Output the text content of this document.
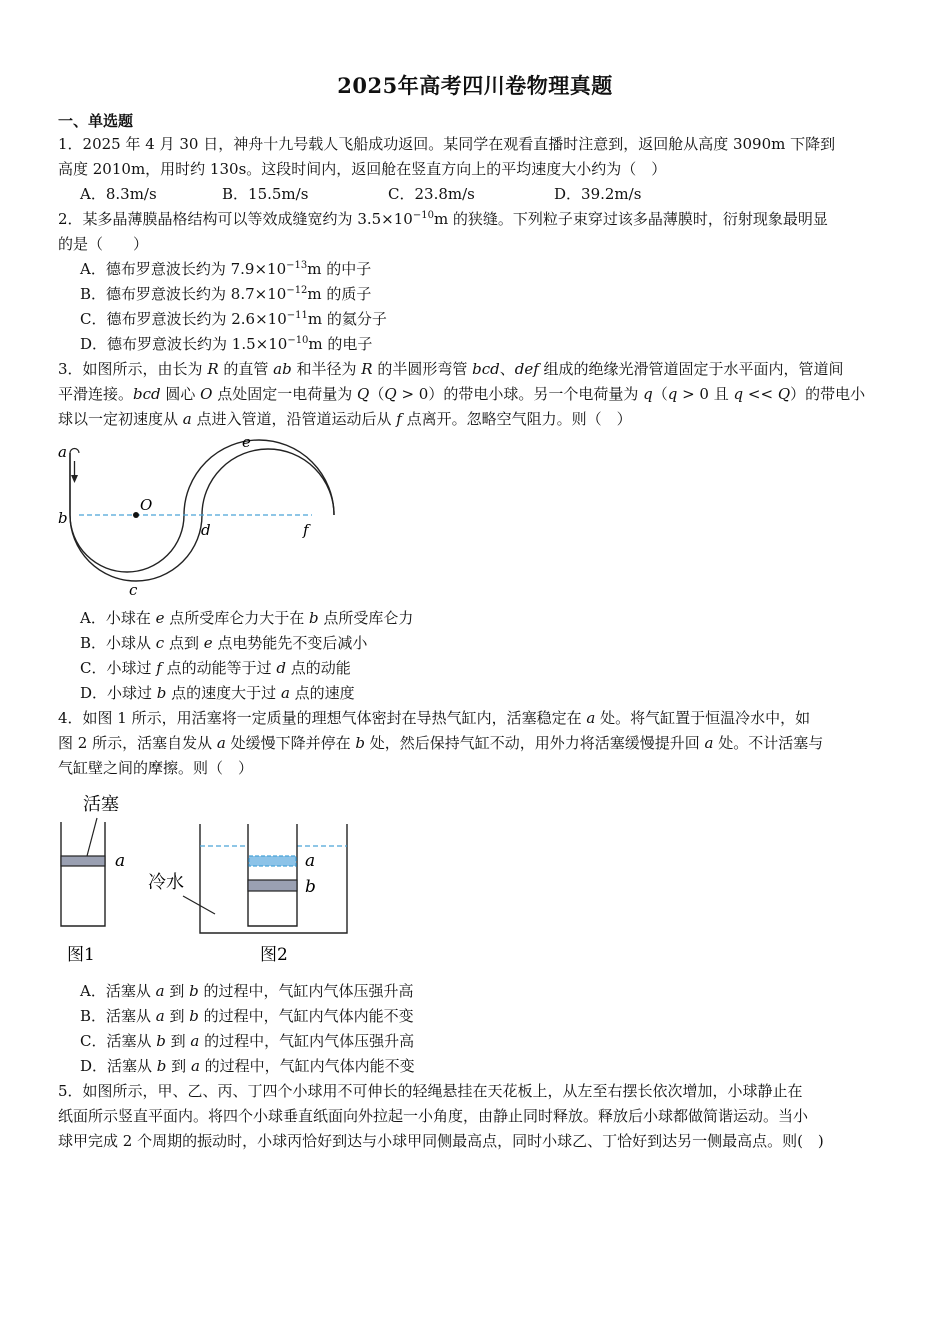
2025年高考四川卷物理真题
一、单选题
1．2025 年 4 月 30 日，神舟十九号载人飞船成功返回。某同学在观看直播时注意到，返回舱从高度 3090m 下降到
高度 2010m，用时约 130s。这段时间内，返回舱在竖直方向上的平均速度大小约为（　）
A．8.3m/s	B．15.5m/s	C．23.8m/s	D．39.2m/s
2．某多晶薄膜晶格结构可以等效成缝宽约为 $3.5\times 10^{-10}m$ 的狭缝。下列粒子束穿过该多晶薄膜时，衍射现象最明显
的是（　　）
A．德布罗意波长约为 $7.9\times 10^{-13}m$ 的中子
B．德布罗意波长约为 $8.7\times 10^{-12}m$ 的质子
C．德布罗意波长约为 $2.6\times 10^{-11}m$ 的氦分子
D．德布罗意波长约为 $1.5\times 10^{-10}m$ 的电子
3．如图所示，由长为 R 的直管 ab 和半径为 R 的半圆形弯管 bcd、def 组成的绝缘光滑管道固定于水平面内，管道间
平滑连接。bcd 圆心 O 点处固定一电荷量为 Q（Q > 0）的带电小球。另一个电荷量为 q（q > 0 且 q << Q）的带电小
球以一定初速度从 a 点进入管道，沿管道运动后从 f 点离开。忽略空气阻力。则（　）
a
b
O
c
d
e
f
A．小球在 e 点所受库仑力大于在 b 点所受库仑力
B．小球从 c 点到 e 点电势能先不变后减小
C．小球过 f 点的动能等于过 d 点的动能
D．小球过 b 点的速度大于过 a 点的速度
4．如图 1 所示，用活塞将一定质量的理想气体密封在导热气缸内，活塞稳定在 a 处。将气缸置于恒温冷水中，如
图 2 所示，活塞自发从 a 处缓慢下降并停在 b 处，然后保持气缸不动，用外力将活塞缓慢提升回 a 处。不计活塞与
气缸壁之间的摩擦。则（　）
活塞
a
图1
a
b
冷水
图2
A．活塞从 a 到 b 的过程中，气缸内气体压强升高
B．活塞从 a 到 b 的过程中，气缸内气体内能不变
C．活塞从 b 到 a 的过程中，气缸内气体压强升高
D．活塞从 b 到 a 的过程中，气缸内气体内能不变
5．如图所示，甲、乙、丙、丁四个小球用不可伸长的轻绳悬挂在天花板上，从左至右摆长依次增加，小球静止在
纸面所示竖直平面内。将四个小球垂直纸面向外拉起一小角度，由静止同时释放。释放后小球都做简谐运动。当小
球甲完成 2 个周期的振动时，小球丙恰好到达与小球甲同侧最高点，同时小球乙、丁恰好到达另一侧最高点。则(　)
